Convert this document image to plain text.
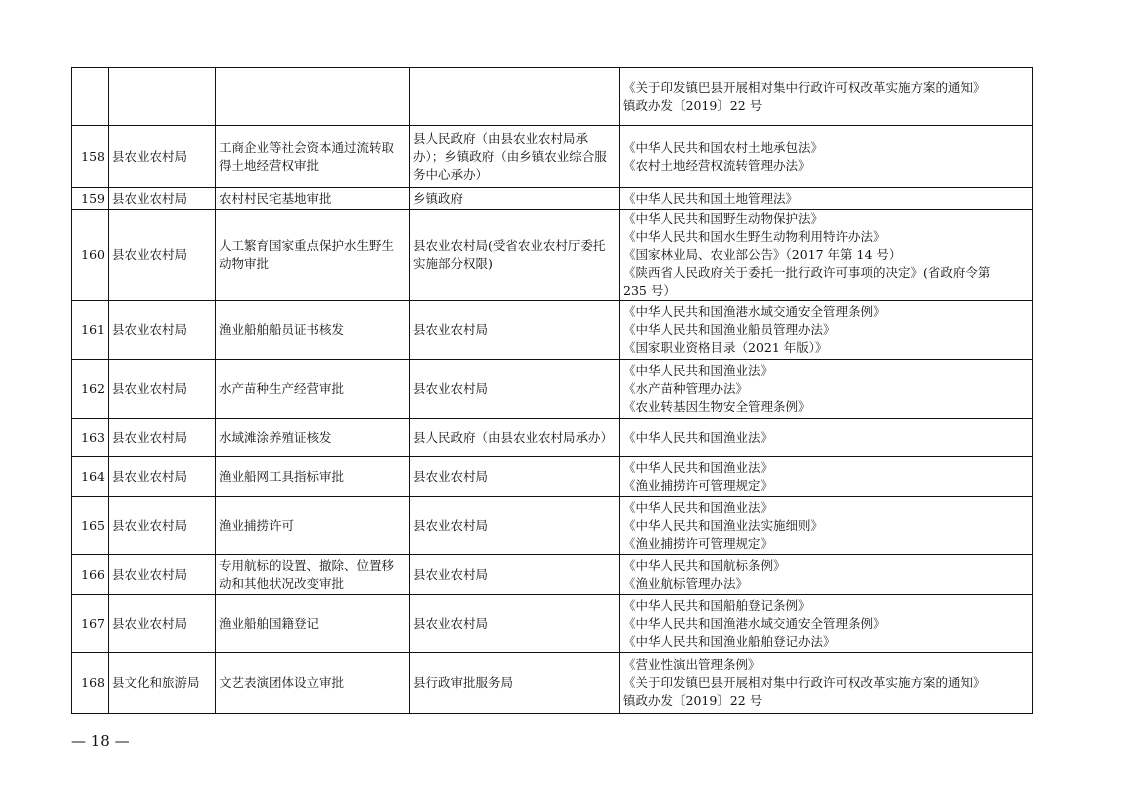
				《关于印发镇巴县开展相对集中行政许可权改革实施方案的通知》
镇政办发〔2019〕22 号

158	县农业农村局	工商企业等社会资本通过流转取得土地经营权审批	县人民政府（由县农业农村局承办）；乡镇政府（由乡镇农业综合服务中心承办）	《中华人民共和国农村土地承包法》
《农村土地经营权流转管理办法》

159	县农业农村局	农村村民宅基地审批	乡镇政府	《中华人民共和国土地管理法》

160	县农业农村局	人工繁育国家重点保护水生野生动物审批	县农业农村局(受省农业农村厅委托实施部分权限)	《中华人民共和国野生动物保护法》
《中华人民共和国水生野生动物利用特许办法》
《国家林业局、农业部公告》（2017 年第 14 号）
《陕西省人民政府关于委托一批行政许可事项的决定》(省政府令第
235 号）

161	县农业农村局	渔业船舶船员证书核发	县农业农村局	《中华人民共和国渔港水域交通安全管理条例》
《中华人民共和国渔业船员管理办法》
《国家职业资格目录（2021 年版）》

162	县农业农村局	水产苗种生产经营审批	县农业农村局	《中华人民共和国渔业法》
《水产苗种管理办法》
《农业转基因生物安全管理条例》

163	县农业农村局	水域滩涂养殖证核发	县人民政府（由县农业农村局承办）	《中华人民共和国渔业法》

164	县农业农村局	渔业船网工具指标审批	县农业农村局	《中华人民共和国渔业法》
《渔业捕捞许可管理规定》

165	县农业农村局	渔业捕捞许可	县农业农村局	《中华人民共和国渔业法》
《中华人民共和国渔业法实施细则》
《渔业捕捞许可管理规定》

166	县农业农村局	专用航标的设置、撤除、位置移动和其他状况改变审批	县农业农村局	《中华人民共和国航标条例》
《渔业航标管理办法》

167	县农业农村局	渔业船舶国籍登记	县农业农村局	《中华人民共和国船舶登记条例》
《中华人民共和国渔港水域交通安全管理条例》
《中华人民共和国渔业船舶登记办法》

168	县文化和旅游局	文艺表演团体设立审批	县行政审批服务局	《营业性演出管理条例》
《关于印发镇巴县开展相对集中行政许可权改革实施方案的通知》
镇政办发〔2019〕22 号
— 18 —
